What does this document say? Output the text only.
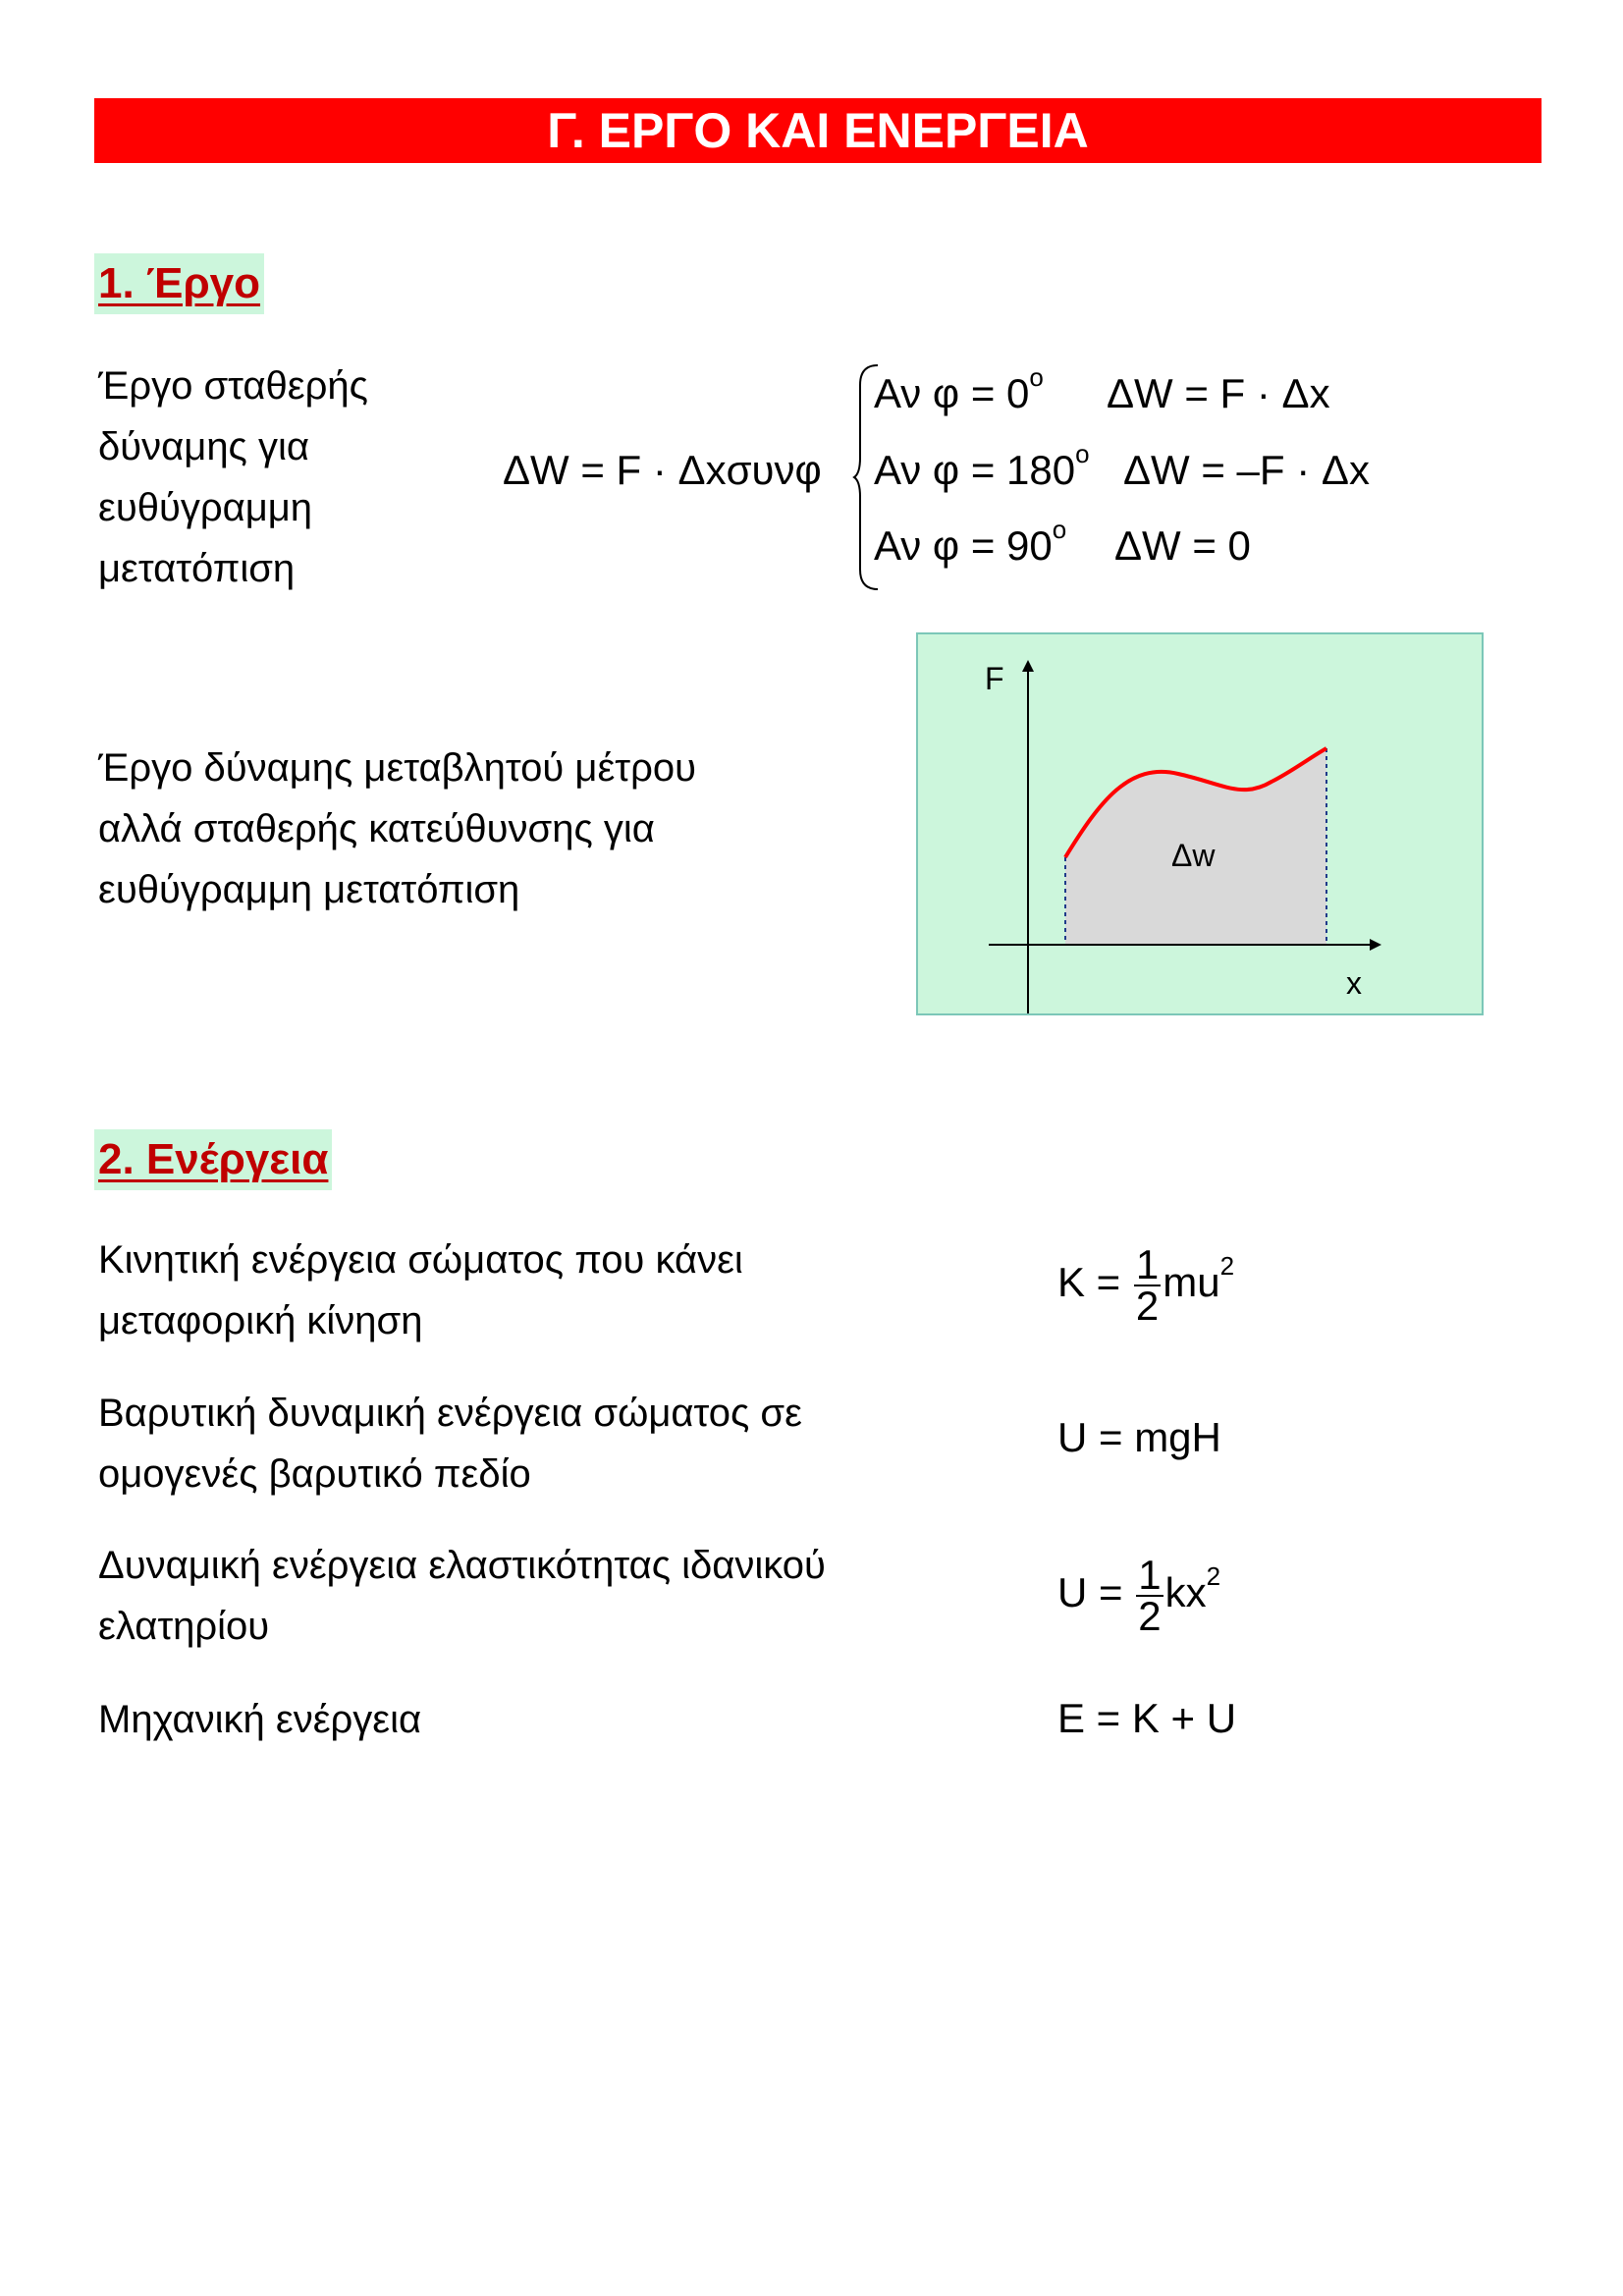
Γ. ΕΡΓΟ ΚΑΙ ΕΝΕΡΓΕΙΑ
1. Έργο
Έργο σταθερής
δύναμης για
ευθύγραμμη
μετατόπιση
ΔW = F · Δxσυνφ
Αν $\varphi = 0^o$ ΔW = F · Δx
Αν $\varphi = 180^o$ ΔW = –F · Δx
Αν $\varphi = 90^o$ ΔW = 0
Έργο δύναμης μεταβλητού μέτρου
αλλά σταθερής κατεύθυνσης για
ευθύγραμμη μετατόπιση
F
x
Δw
2. Ενέργεια
Κινητική ενέργεια σώματος που κάνει
μεταφορική κίνηση
$K = \frac{1}{2} mu^2$
Βαρυτική δυναμική ενέργεια σώματος σε
ομογενές βαρυτικό πεδίο
U = mgH
Δυναμική ενέργεια ελαστικότητας ιδανικού
ελατηρίου
$U = \frac{1}{2} kx^2$
Μηχανική ενέργεια	E = K + U
